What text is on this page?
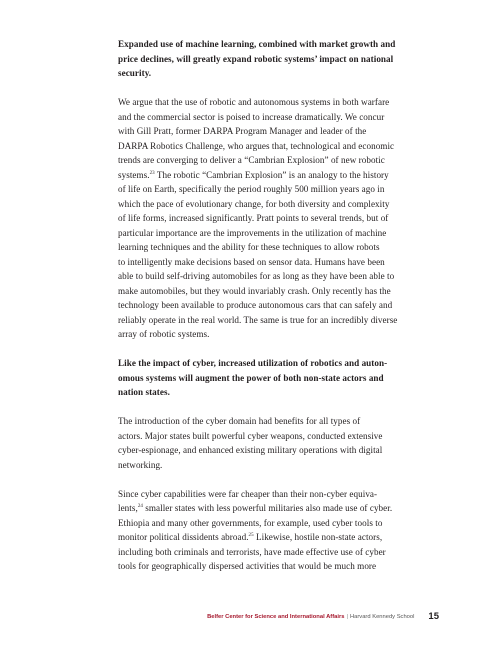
Expanded use of machine learning, combined with market growth and
price declines, will greatly expand robotic systems’ impact on national
security.

We argue that the use of robotic and autonomous systems in both warfare
and the commercial sector is poised to increase dramatically. We concur
with Gill Pratt, former DARPA Program Manager and leader of the
DARPA Robotics Challenge, who argues that, technological and economic
trends are converging to deliver a “Cambrian Explosion” of new robotic
systems.$^{23}$ The robotic “Cambrian Explosion” is an analogy to the history
of life on Earth, specifically the period roughly 500 million years ago in
which the pace of evolutionary change, for both diversity and complexity
of life forms, increased significantly. Pratt points to several trends, but of
particular importance are the improvements in the utilization of machine
learning techniques and the ability for these techniques to allow robots
to intelligently make decisions based on sensor data. Humans have been
able to build self-driving automobiles for as long as they have been able to
make automobiles, but they would invariably crash. Only recently has the
technology been available to produce autonomous cars that can safely and
reliably operate in the real world. The same is true for an incredibly diverse
array of robotic systems.

Like the impact of cyber, increased utilization of robotics and auton-
omous systems will augment the power of both non-state actors and
nation states.

The introduction of the cyber domain had benefits for all types of
actors. Major states built powerful cyber weapons, conducted extensive
cyber-espionage, and enhanced existing military operations with digital
networking.

Since cyber capabilities were far cheaper than their non-cyber equiva-
lents,$^{24}$ smaller states with less powerful militaries also made use of cyber.
Ethiopia and many other governments, for example, used cyber tools to
monitor political dissidents abroad.$^{25}$ Likewise, hostile non-state actors,
including both criminals and terrorists, have made effective use of cyber
tools for geographically dispersed activities that would be much more

Belfer Center for Science and International Affairs | Harvard Kennedy School 15
